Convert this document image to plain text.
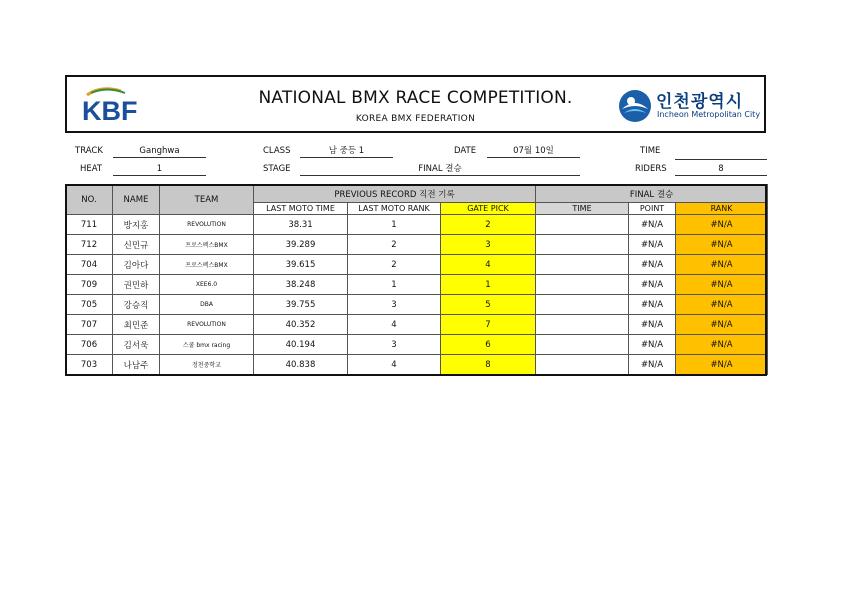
KBF	NATIONAL BMX RACE COMPETITION.
KOREA BMX FEDERATION
인천광역시
Incheon Metropolitan City
TRACK	Ganghwa	CLASS	남 중등 1	DATE	07월 10일	TIME
HEAT	1	STAGE	FINAL 결승	RIDERS	8
NO.	NAME	TEAM	PREVIOUS RECORD 직전 기록			FINAL 결승		
			LAST MOTO TIME	LAST MOTO RANK	GATE PICK	TIME	POINT	RANK
711	방지홍	REVOLUTION	38.31	1	2		#N/A	#N/A
712	신민규	프로스펙스BMX	39.289	2	3		#N/A	#N/A
704	김아다	프로스펙스BMX	39.615	2	4		#N/A	#N/A
709	권민하	XEE6.0	38.248	1	1		#N/A	#N/A
705	강승직	DBA	39.755	3	5		#N/A	#N/A
707	최민준	REVOLUTION	40.352	4	7		#N/A	#N/A
706	김서욱	스쿨 bmx racing	40.194	3	6		#N/A	#N/A
703	나남주	정천중학교	40.838	4	8		#N/A	#N/A
